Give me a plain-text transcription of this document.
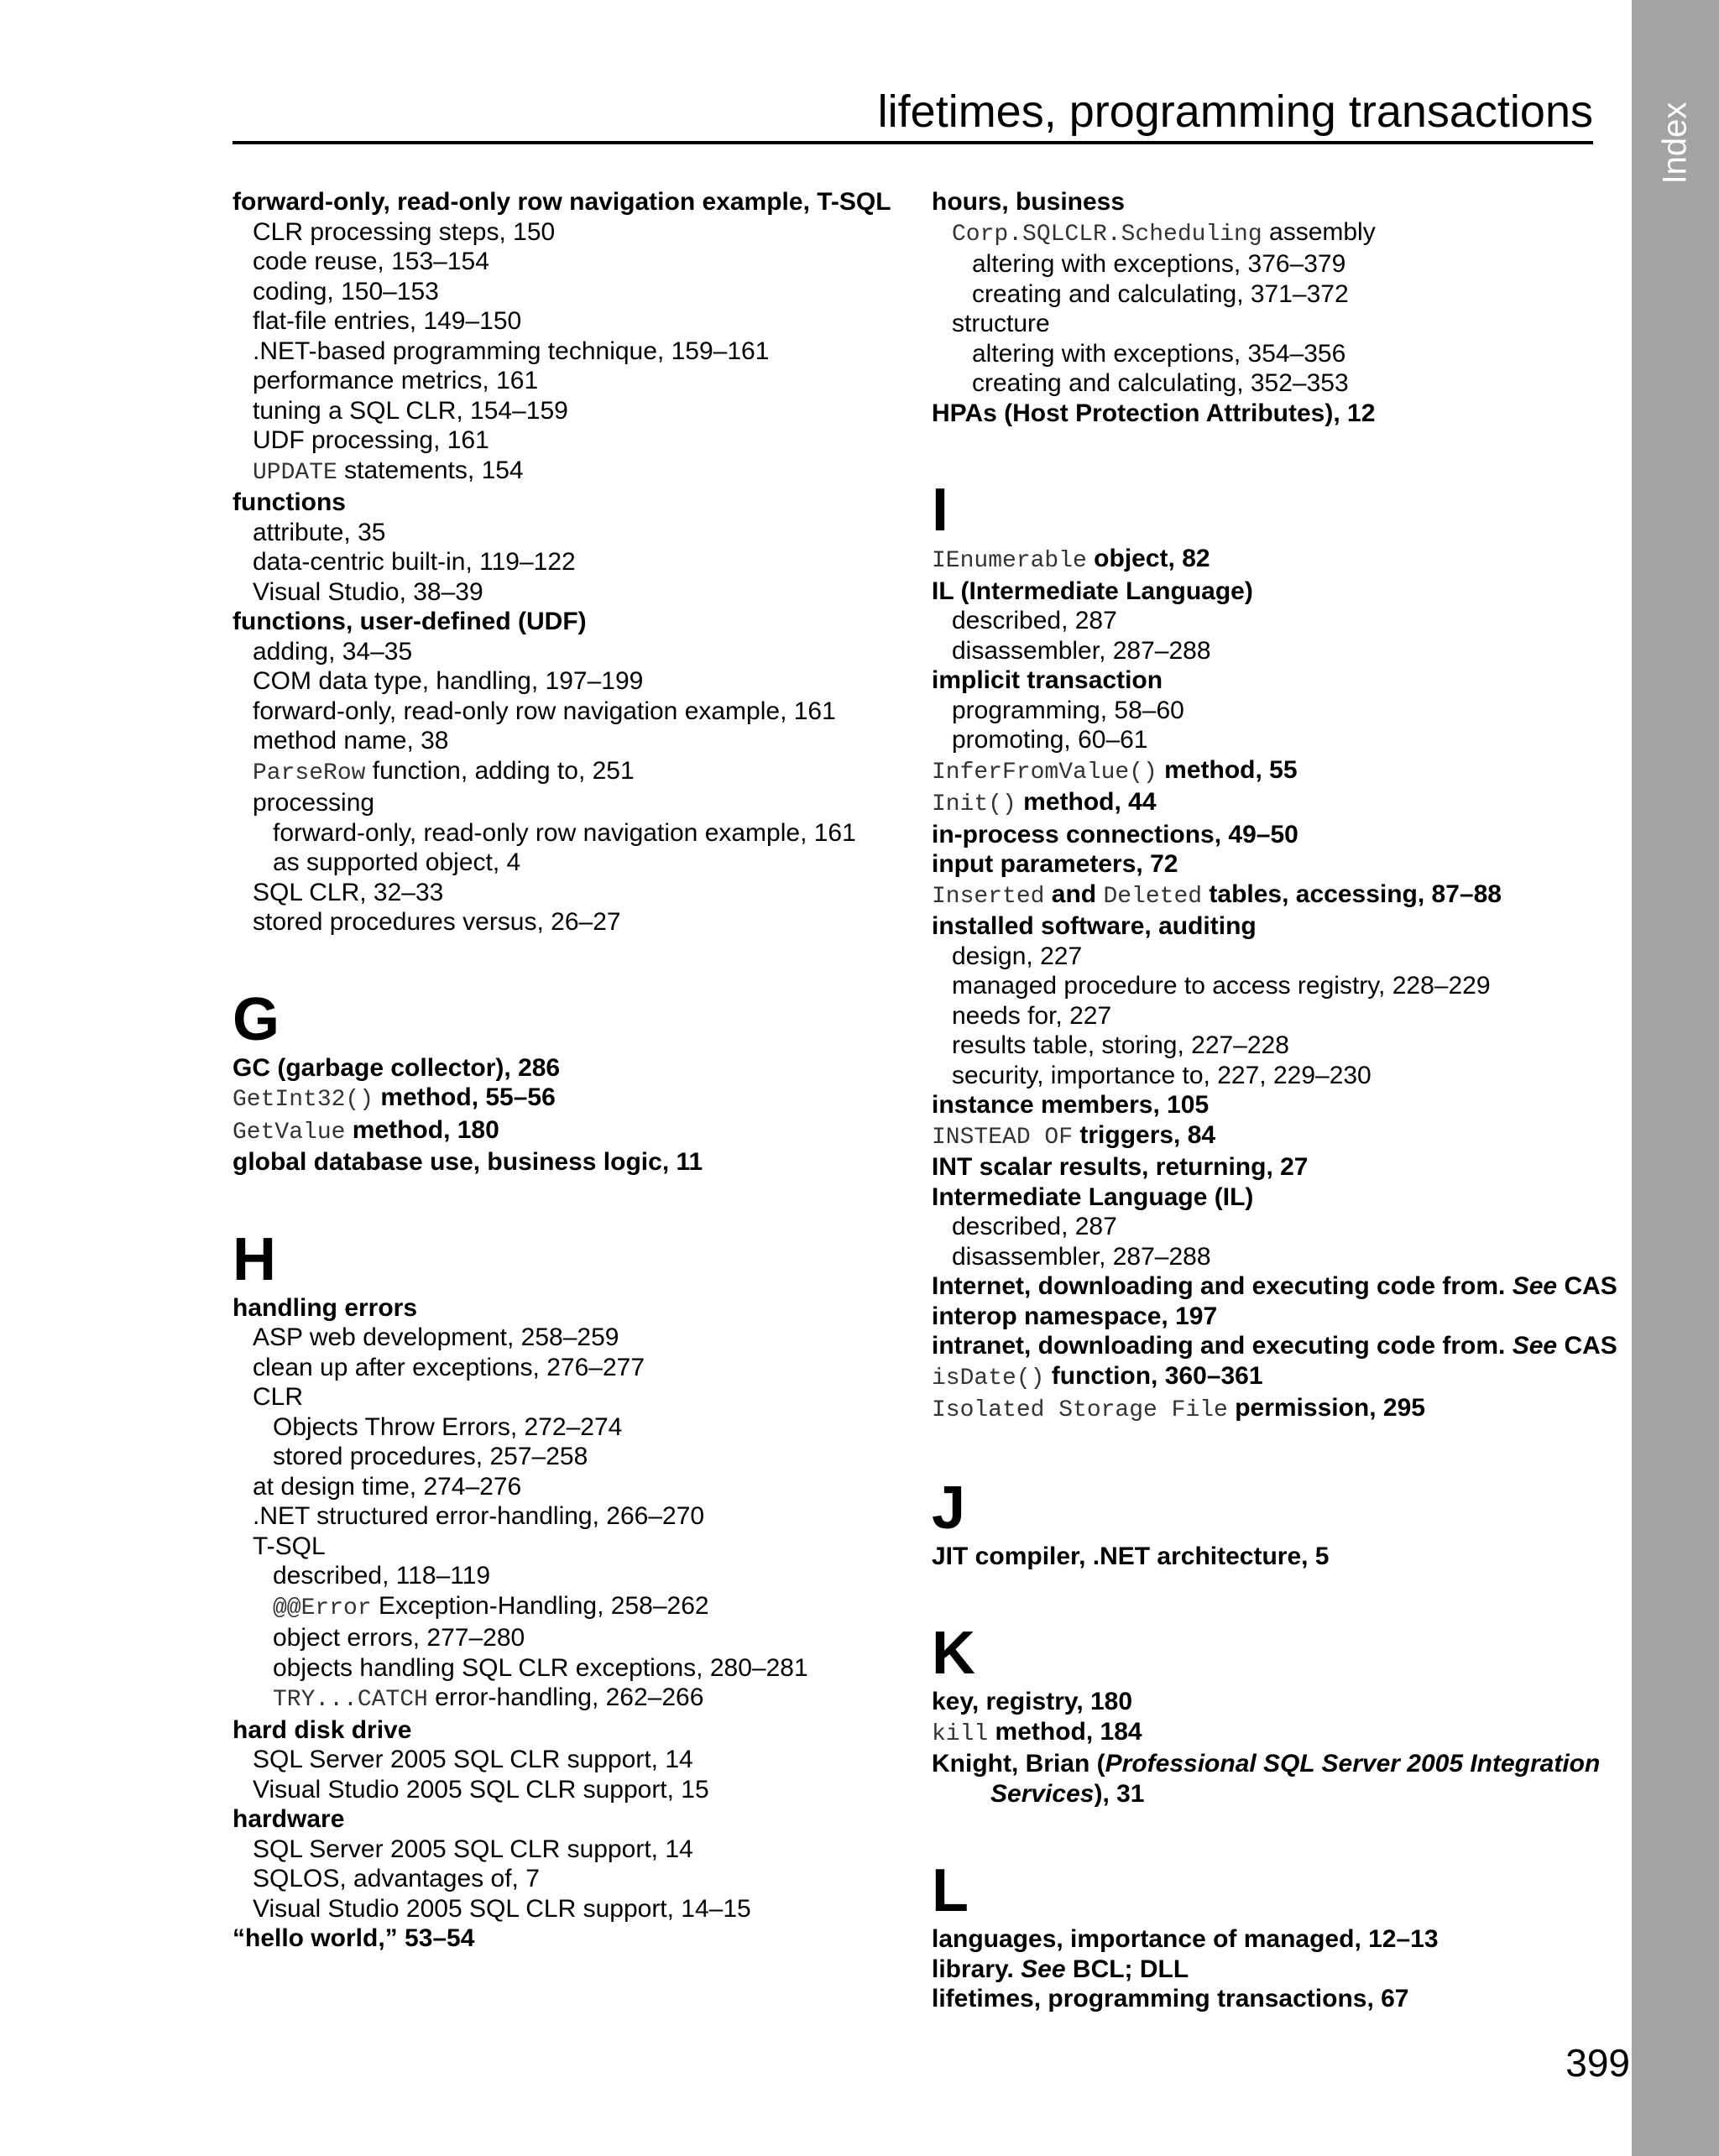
Index
lifetimes, programming transactions
forward-only, read-only row navigation example, T-SQL
CLR processing steps, 150
code reuse, 153–154
coding, 150–153
flat-file entries, 149–150
.NET-based programming technique, 159–161
performance metrics, 161
tuning a SQL CLR, 154–159
UDF processing, 161
UPDATE statements, 154
functions
attribute, 35
data-centric built-in, 119–122
Visual Studio, 38–39
functions, user-defined (UDF)
adding, 34–35
COM data type, handling, 197–199
forward-only, read-only row navigation example, 161
method name, 38
ParseRow function, adding to, 251
processing
forward-only, read-only row navigation example, 161
as supported object, 4
SQL CLR, 32–33
stored procedures versus, 26–27
G
GC (garbage collector), 286
GetInt32() method, 55–56
GetValue method, 180
global database use, business logic, 11
H
handling errors
ASP web development, 258–259
clean up after exceptions, 276–277
CLR
Objects Throw Errors, 272–274
stored procedures, 257–258
at design time, 274–276
.NET structured error-handling, 266–270
T-SQL
described, 118–119
@@Error Exception-Handling, 258–262
object errors, 277–280
objects handling SQL CLR exceptions, 280–281
TRY...CATCH error-handling, 262–266
hard disk drive
SQL Server 2005 SQL CLR support, 14
Visual Studio 2005 SQL CLR support, 15
hardware
SQL Server 2005 SQL CLR support, 14
SQLOS, advantages of, 7
Visual Studio 2005 SQL CLR support, 14–15
“hello world,” 53–54
hours, business
Corp.SQLCLR.Scheduling assembly
altering with exceptions, 376–379
creating and calculating, 371–372
structure
altering with exceptions, 354–356
creating and calculating, 352–353
HPAs (Host Protection Attributes), 12
I
IEnumerable object, 82
IL (Intermediate Language)
described, 287
disassembler, 287–288
implicit transaction
programming, 58–60
promoting, 60–61
InferFromValue() method, 55
Init() method, 44
in-process connections, 49–50
input parameters, 72
Inserted and Deleted tables, accessing, 87–88
installed software, auditing
design, 227
managed procedure to access registry, 228–229
needs for, 227
results table, storing, 227–228
security, importance to, 227, 229–230
instance members, 105
INSTEAD OF triggers, 84
INT scalar results, returning, 27
Intermediate Language (IL)
described, 287
disassembler, 287–288
Internet, downloading and executing code from. See CAS
interop namespace, 197
intranet, downloading and executing code from. See CAS
isDate() function, 360–361
Isolated Storage File permission, 295
J
JIT compiler, .NET architecture, 5
K
key, registry, 180
kill method, 184
Knight, Brian (Professional SQL Server 2005 Integration
Services), 31
L
languages, importance of managed, 12–13
library. See BCL; DLL
lifetimes, programming transactions, 67
399
